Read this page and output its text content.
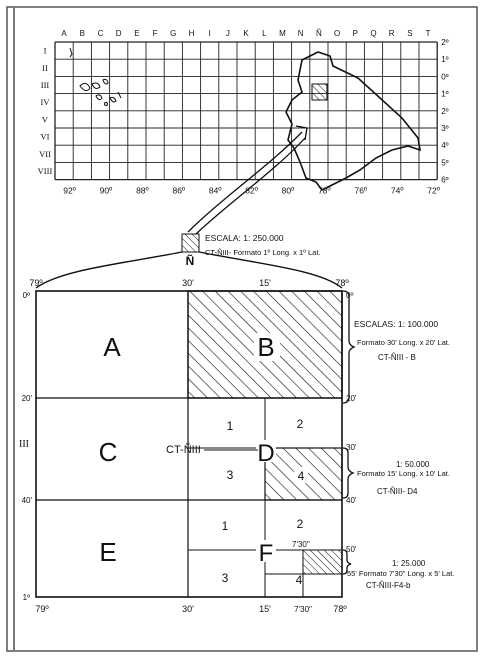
A B C D E F G H I J K L M N Ñ O P Q R S T
I
II
III
IV
V
VI
VII
VIII
2º
1º
0º
1º
2º
3º
4º
5º
6º
92º	90º	88º	86º	84º	82º	80º	78º	76º	74º	72º
Ñ
ESCALA: 1: 250.000
CT-ÑIII- Formato 1º Long. x 1º Lat.
A	B
C	D
E	F
1	2
3	4
1	2
3	4
7'30"
CT-ÑIII
79º	30'	15'	78º
79º	30'	15'	7'30" 78º
0º
20'
40'
1º
III
0º
20'
30'
40'
50'
ESCALAS: 1: 100.000
Formato 30' Long. x 20' Lat.
CT-ÑIII - B
1: 50.000
Formato 15' Long. x 10' Lat.
CT-ÑIII- D4
1: 25.000
55' Formato 7'30" Long. x 5' Lat.
CT-ÑIII-F4-b
